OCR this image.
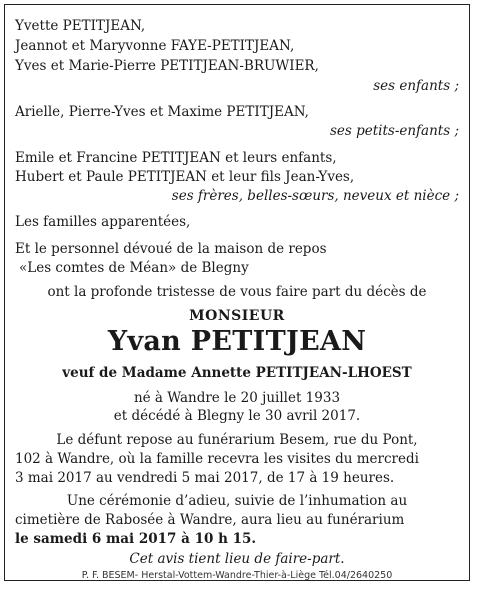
Yvette PETITJEAN,
Jeannot et Maryvonne FAYE-PETITJEAN,
Yves et Marie-Pierre PETITJEAN-BRUWIER,
ses enfants ;
Arielle, Pierre-Yves et Maxime PETITJEAN,
ses petits-enfants ;
Emile et Francine PETITJEAN et leurs enfants,
Hubert et Paule PETITJEAN et leur fils Jean-Yves,
ses frères, belles-sœurs, neveux et nièce ;
Les familles apparentées,
Et le personnel dévoué de la maison de repos
«Les comtes de Méan» de Blegny
ont la profonde tristesse de vous faire part du décès de
MONSIEUR
Yvan PETITJEAN
veuf de Madame Annette PETITJEAN-LHOEST
né à Wandre le 20 juillet 1933
et décédé à Blegny le 30 avril 2017.
Le défunt repose au funérarium Besem, rue du Pont,
102 à Wandre, où la famille recevra les visites du mercredi
3 mai 2017 au vendredi 5 mai 2017, de 17 à 19 heures.
Une cérémonie d’adieu, suivie de l’inhumation au
cimetière de Rabosée à Wandre, aura lieu au funérarium
le samedi 6 mai 2017 à 10 h 15.
Cet avis tient lieu de faire-part.
P. F. BESEM- Herstal-Vottem-Wandre-Thier-à-Liège Tél.04/2640250
